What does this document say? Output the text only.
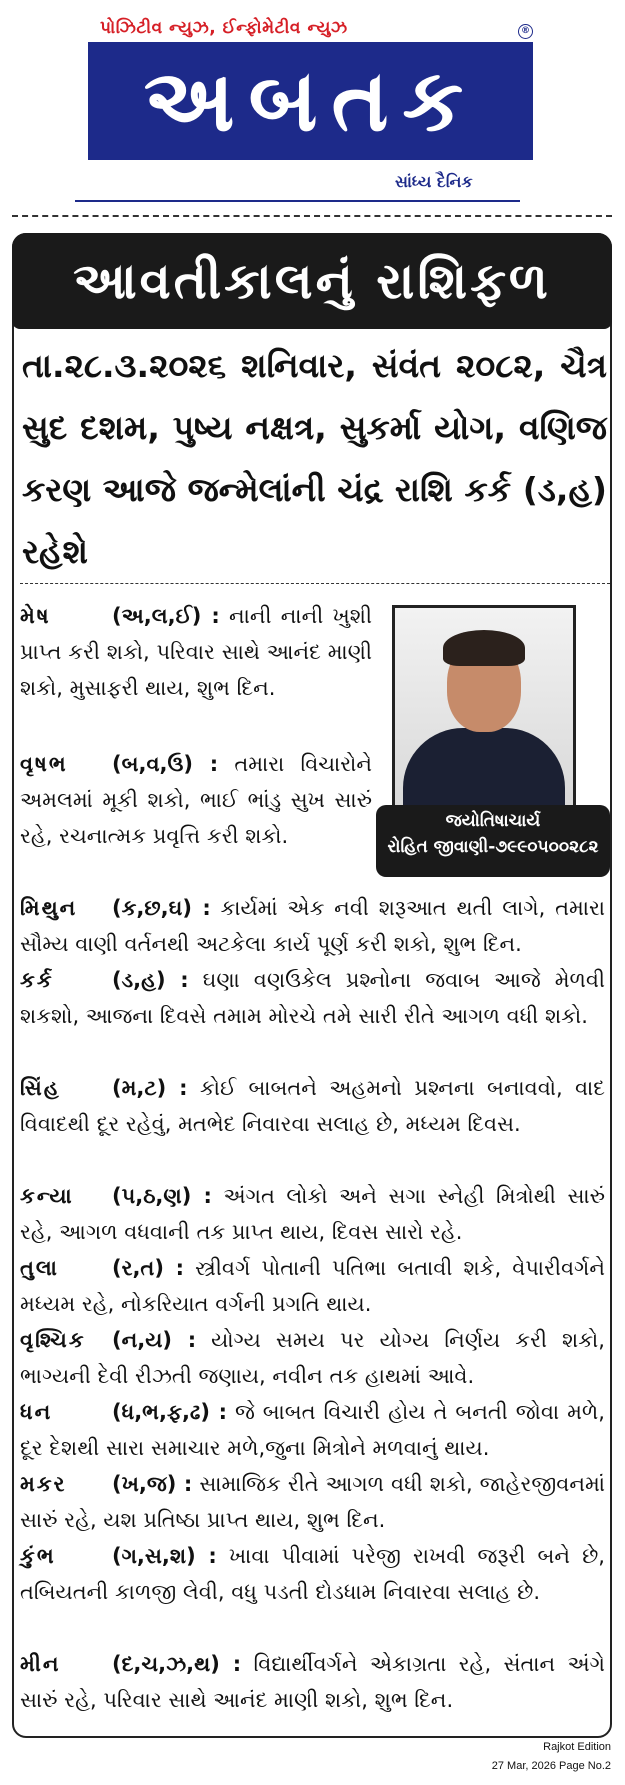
પોઝિટીવ ન્યુઝ, ઈન્ફોમેટીવ ન્યુઝ	®
અબતક
સાંધ્ય દૈનિક
આવતીકાલનું રાશિફળ
તા.૨૮.૩.૨૦૨૬ શનિવાર, સંવંત ૨૦૮૨, ચૈત્ર સુદ દશમ, પુષ્ય નક્ષત્ર, સુકર્મા યોગ, વણિજ કરણ આજે જન્મેલાંની ચંદ્ર રાશિ કર્ક (ડ,હ) રહેશે
જયોતિષાચાર્ય
રોહિત જીવાણી-૭૯૯૦૫૦૦૨૮૨
મેષ	(અ,લ,ઈ) : નાની નાની ખુશી પ્રાપ્ત કરી શકો, પરિવાર સાથે આનંદ માણી શકો, મુસાફરી થાય, શુભ દિન.
વૃષભ (બ,વ,ઉ) : તમારા વિચારોને અમલમાં મૂકી શકો, ભાઈ ભાંડુ સુખ સારું રહે, રચનાત્મક પ્રવૃત્તિ કરી શકો.
મિથુન (ક,છ,ઘ) : કાર્યમાં એક નવી શરૂઆત થતી લાગે, તમારા સૌમ્ય વાણી વર્તનથી અટકેલા કાર્ય પૂર્ણ કરી શકો, શુભ દિન.
કર્ક	(ડ,હ) : ઘણા વણઉકેલ પ્રશ્નોના જવાબ આજે મેળવી શકશો, આજના દિવસે તમામ મોરચે તમે સારી રીતે આગળ વધી શકો.
સિંહ (મ,ટ) : કોઈ બાબતને અહમનો પ્રશ્નના બનાવવો, વાદ વિવાદથી દૂર રહેવું, મતભેદ નિવારવા સલાહ છે, મધ્યમ દિવસ.
કન્યા (પ,ઠ,ણ) : અંગત લોકો અને સગા સ્નેહી મિત્રોથી સારું રહે, આગળ વધવાની તક પ્રાપ્ત થાય, દિવસ સારો રહે.
તુલા	(ર,ત) : સ્ત્રીવર્ગ પોતાની પતિભા બતાવી શકે, વેપારીવર્ગને મધ્યમ રહે, નોકરિયાત વર્ગની પ્રગતિ થાય.
વૃશ્ચિક (ન,ય) : યોગ્ય સમય પર યોગ્ય નિર્ણય કરી શકો, ભાગ્યની દેવી રીઝતી જણાય, નવીન તક હાથમાં આવે.
ધન	(ધ,ભ,ફ,ઢ) : જે બાબત વિચારી હોય તે બનતી જોવા મળે, દૂર દેશથી સારા સમાચાર મળે,જુના મિત્રોને મળવાનું થાય.
મકર (ખ,જ) : સામાજિક રીતે આગળ વધી શકો, જાહેરજીવનમાં સારું રહે, યશ પ્રતિષ્ઠા પ્રાપ્ત થાય, શુભ દિન.
કુંભ	(ગ,સ,શ) : ખાવા પીવામાં પરેજી રાખવી જરૂરી બને છે, તબિયતની કાળજી લેવી, વધુ પડતી દોડધામ નિવારવા સલાહ છે.
મીન (દ,ચ,ઝ,થ) : વિદ્યાર્થીવર્ગને એકાગ્રતા રહે, સંતાન અંગે સારું રહે, પરિવાર સાથે આનંદ માણી શકો, શુભ દિન.
Rajkot Edition
27 Mar, 2026 Page No.2
